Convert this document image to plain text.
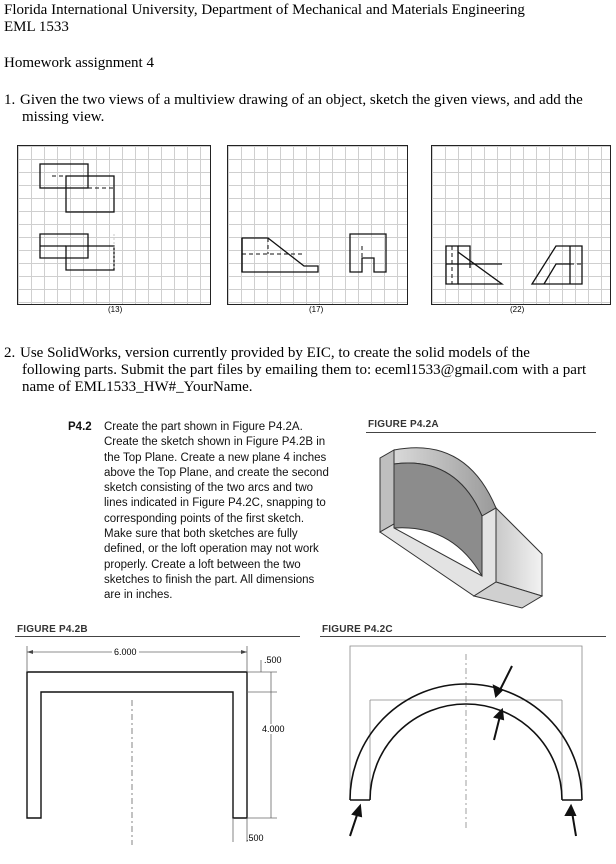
Florida International University, Department of Mechanical and Materials Engineering
EML 1533
Homework assignment 4
1. Given the two views of a multiview drawing of an object, sketch the given views, and add the
missing view.
(13)	(17)	(22)
2. Use SolidWorks, version currently provided by EIC, to create the solid models of the
following parts. Submit the part files by emailing them to: eceml1533@gmail.com with a part
name of EML1533_HW#_YourName.
P4.2 Create the part shown in Figure P4.2A.
Create the sketch shown in Figure P4.2B in
the Top Plane. Create a new plane 4 inches
above the Top Plane, and create the second
sketch consisting of the two arcs and two
lines indicated in Figure P4.2C, snapping to
corresponding points of the first sketch.
Make sure that both sketches are fully
defined, or the loft operation may not work
properly. Create a loft between the two
sketches to finish the part. All dimensions
are in inches.
FIGURE P4.2A
FIGURE P4.2B
6.000
.500
4.000
.500
FIGURE P4.2C
